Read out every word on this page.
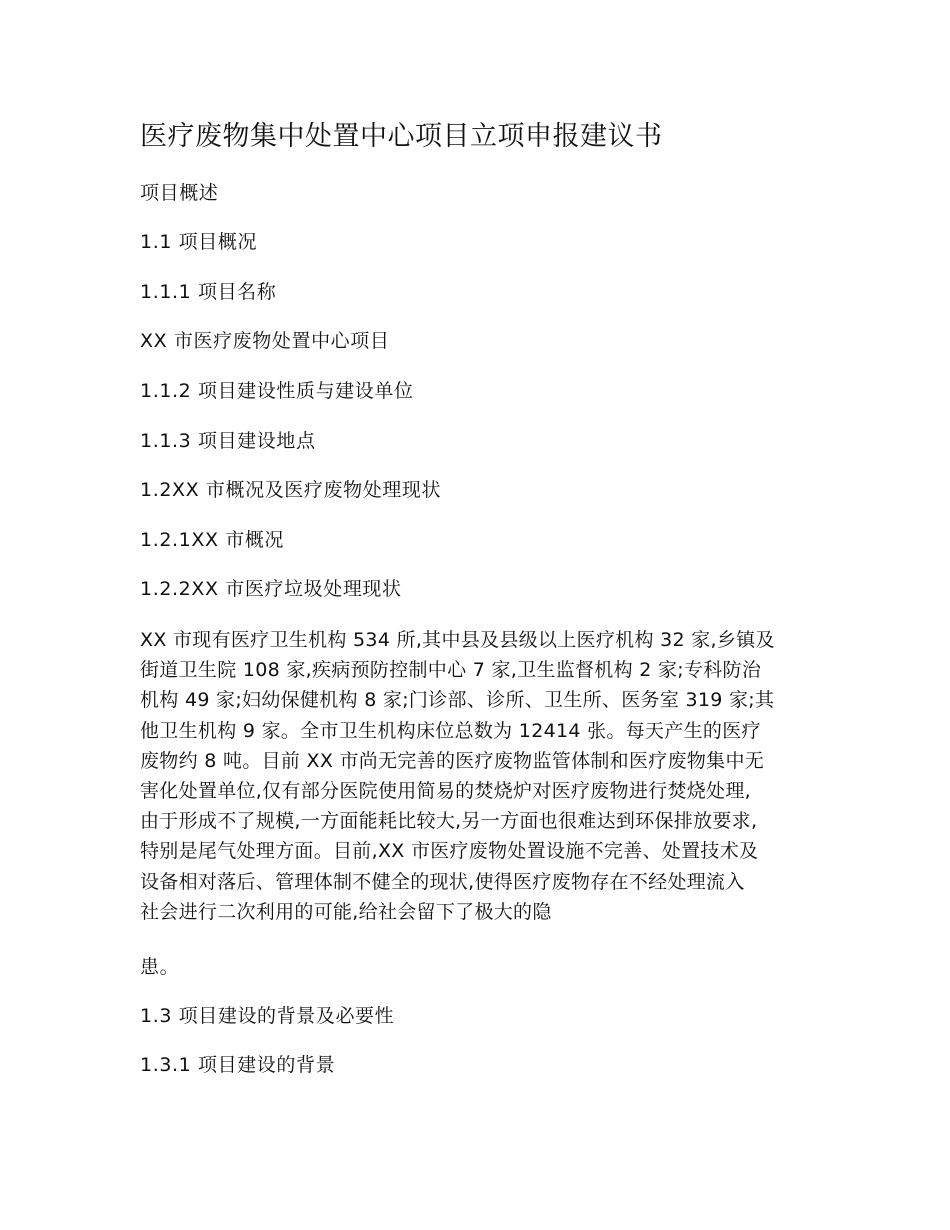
医疗废物集中处置中心项目立项申报建议书

项目概述

1.1 项目概况

1.1.1 项目名称

XX 市医疗废物处置中心项目

1.1.2 项目建设性质与建设单位

1.1.3 项目建设地点

1.2XX 市概况及医疗废物处理现状

1.2.1XX 市概况

1.2.2XX 市医疗垃圾处理现状

XX 市现有医疗卫生机构 534 所,其中县及县级以上医疗机构 32 家,乡镇及
街道卫生院 108 家,疾病预防控制中心 7 家,卫生监督机构 2 家;专科防治
机构 49 家;妇幼保健机构 8 家;门诊部、诊所、卫生所、医务室 319 家;其
他卫生机构 9 家。全市卫生机构床位总数为 12414 张。每天产生的医疗
废物约 8 吨。目前 XX 市尚无完善的医疗废物监管体制和医疗废物集中无
害化处置单位,仅有部分医院使用简易的焚烧炉对医疗废物进行焚烧处理,
由于形成不了规模,一方面能耗比较大,另一方面也很难达到环保排放要求,
特别是尾气处理方面。目前,XX 市医疗废物处置设施不完善、处置技术及
设备相对落后、管理体制不健全的现状,使得医疗废物存在不经处理流入
社会进行二次利用的可能,给社会留下了极大的隐

患。

1.3 项目建设的背景及必要性

1.3.1 项目建设的背景
